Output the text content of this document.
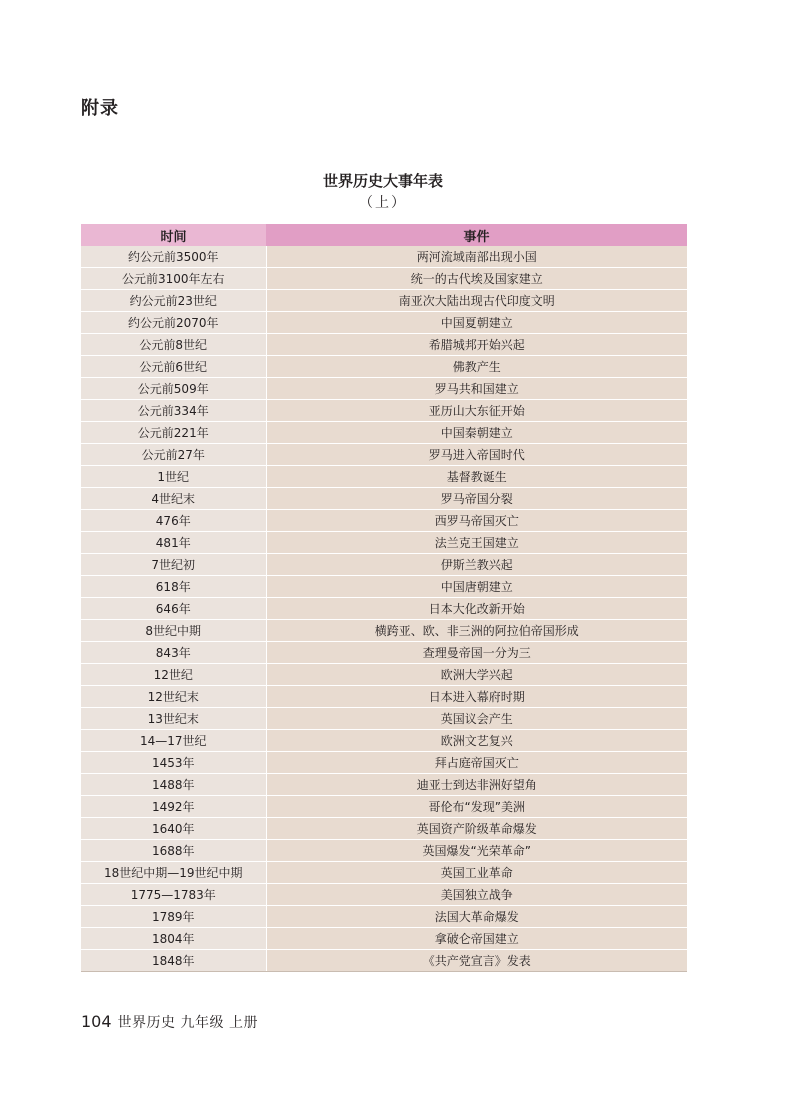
附录
世界历史大事年表
（上）
时间	事件
约公元前3500年	两河流域南部出现小国
公元前3100年左右	统一的古代埃及国家建立
约公元前23世纪	南亚次大陆出现古代印度文明
约公元前2070年	中国夏朝建立
公元前8世纪	希腊城邦开始兴起
公元前6世纪	佛教产生
公元前509年	罗马共和国建立
公元前334年	亚历山大东征开始
公元前221年	中国秦朝建立
公元前27年	罗马进入帝国时代
1世纪	基督教诞生
4世纪末	罗马帝国分裂
476年	西罗马帝国灭亡
481年	法兰克王国建立
7世纪初	伊斯兰教兴起
618年	中国唐朝建立
646年	日本大化改新开始
8世纪中期	横跨亚、欧、非三洲的阿拉伯帝国形成
843年	查理曼帝国一分为三
12世纪	欧洲大学兴起
12世纪末	日本进入幕府时期
13世纪末	英国议会产生
14—17世纪	欧洲文艺复兴
1453年	拜占庭帝国灭亡
1488年	迪亚士到达非洲好望角
1492年	哥伦布“发现”美洲
1640年	英国资产阶级革命爆发
1688年	英国爆发“光荣革命”
18世纪中期—19世纪中期	英国工业革命
1775—1783年	美国独立战争
1789年	法国大革命爆发
1804年	拿破仑帝国建立
1848年	《共产党宣言》发表
104 世界历史 九年级 上册
